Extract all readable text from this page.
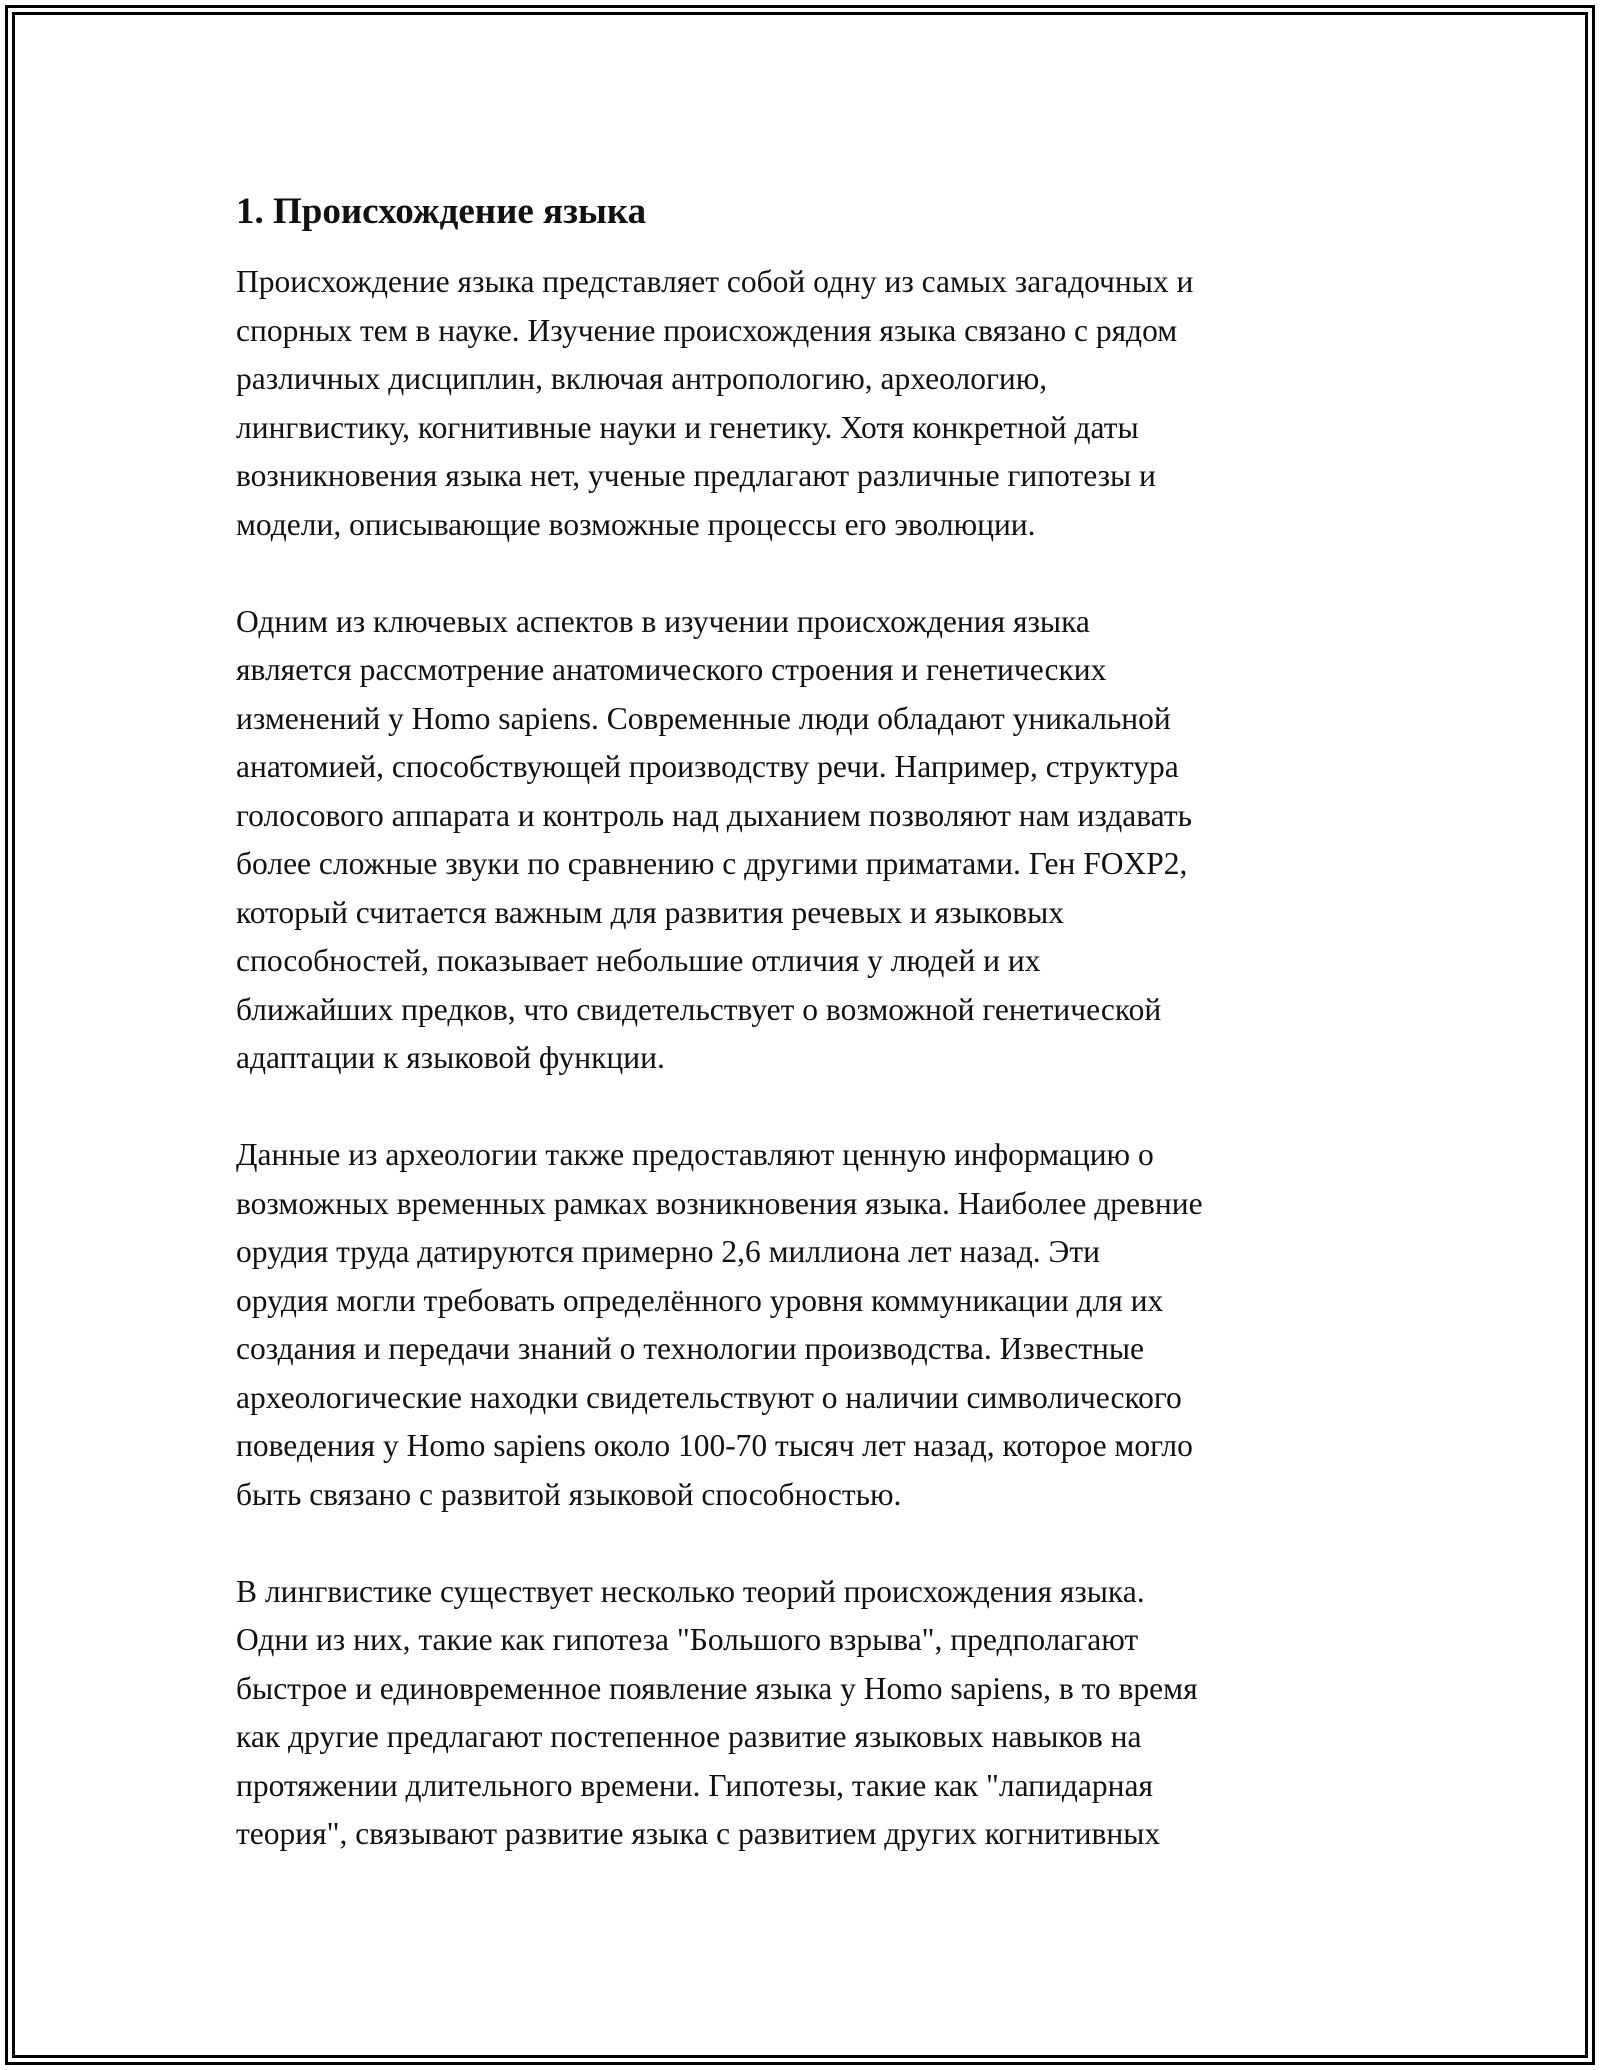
1. Происхождение языка

Происхождение языка представляет собой одну из самых загадочных и
спорных тем в науке. Изучение происхождения языка связано с рядом
различных дисциплин, включая антропологию, археологию,
лингвистику, когнитивные науки и генетику. Хотя конкретной даты
возникновения языка нет, ученые предлагают различные гипотезы и
модели, описывающие возможные процессы его эволюции.

Одним из ключевых аспектов в изучении происхождения языка
является рассмотрение анатомического строения и генетических
изменений у Homo sapiens. Современные люди обладают уникальной
анатомией, способствующей производству речи. Например, структура
голосового аппарата и контроль над дыханием позволяют нам издавать
более сложные звуки по сравнению с другими приматами. Ген FOXP2,
который считается важным для развития речевых и языковых
способностей, показывает небольшие отличия у людей и их
ближайших предков, что свидетельствует о возможной генетической
адаптации к языковой функции.

Данные из археологии также предоставляют ценную информацию о
возможных временных рамках возникновения языка. Наиболее древние
орудия труда датируются примерно 2,6 миллиона лет назад. Эти
орудия могли требовать определённого уровня коммуникации для их
создания и передачи знаний о технологии производства. Известные
археологические находки свидетельствуют о наличии символического
поведения у Homo sapiens около 100-70 тысяч лет назад, которое могло
быть связано с развитой языковой способностью.

В лингвистике существует несколько теорий происхождения языка.
Одни из них, такие как гипотеза "Большого взрыва", предполагают
быстрое и единовременное появление языка у Homo sapiens, в то время
как другие предлагают постепенное развитие языковых навыков на
протяжении длительного времени. Гипотезы, такие как "лапидарная
теория", связывают развитие языка с развитием других когнитивных
